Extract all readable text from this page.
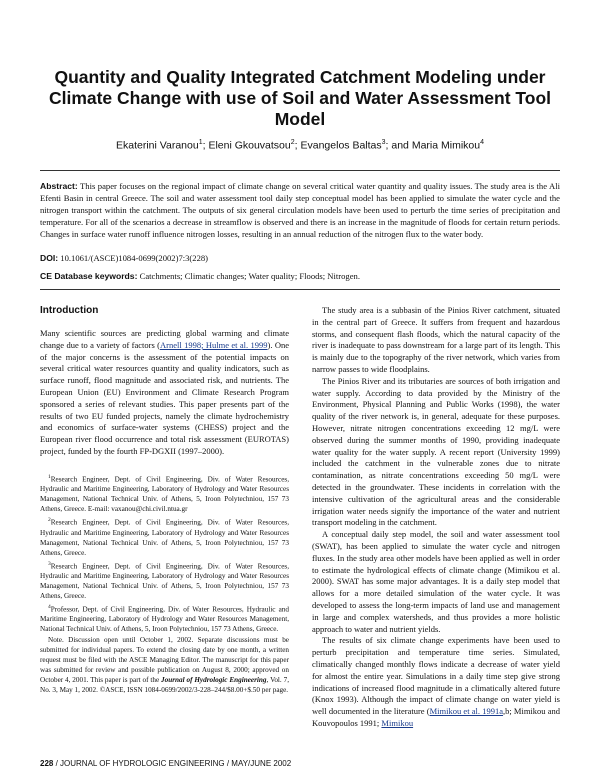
Quantity and Quality Integrated Catchment Modeling under Climate Change with use of Soil and Water Assessment Tool Model
Ekaterini Varanou$^1$; Eleni Gkouvatsou$^2$; Evangelos Baltas$^3$; and Maria Mimikou$^4$
Abstract: This paper focuses on the regional impact of climate change on several critical water quantity and quality issues. The study area is the Ali Efenti Basin in central Greece. The soil and water assessment tool daily step conceptual model has been applied to simulate the water cycle and the nitrogen transport within the catchment. The outputs of six general circulation models have been used to perturb the time series of precipitation and temperature. For all of the scenarios a decrease in streamflow is observed and there is an increase in the magnitude of floods for certain return periods. Changes in surface water runoff influence nitrogen losses, resulting in an annual reduction of the nitrogen flux to the water body.
DOI: 10.1061/(ASCE)1084-0699(2002)7:3(228)
CE Database keywords: Catchments; Climatic changes; Water quality; Floods; Nitrogen.
Introduction

Many scientific sources are predicting global warming and climate change due to a variety of factors (Arnell 1998; Hulme et al. 1999). One of the major concerns is the assessment of the potential impacts on several critical water resources quantity and quality indicators, such as surface runoff, flood magnitude and associated risk, and nutrients. The European Union (EU) Environment and Climate Research Program sponsored a series of relevant studies. This paper presents part of the results of two EU funded projects, namely the climate hydrochemistry and economics of surface-water systems (CHESS) project and the European river flood occurrence and total risk assessment (EUROTAS) project, funded by the fourth FP-DGXII (1997–2000).

$^1$Research Engineer, Dept. of Civil Engineering, Div. of Water Resources, Hydraulic and Maritime Engineering, Laboratory of Hydrology and Water Resources Management, National Technical Univ. of Athens, 5, Iroon Polytechniou, 157 73 Athens, Greece. E-mail: vaxanou@chi.civil.ntua.gr

$^2$Research Engineer, Dept. of Civil Engineering, Div. of Water Resources, Hydraulic and Maritime Engineering, Laboratory of Hydrology and Water Resources Management, National Technical Univ. of Athens, 5, Iroon Polytechniou, 157 73 Athens, Greece.

$^3$Research Engineer, Dept. of Civil Engineering, Div. of Water Resources, Hydraulic and Maritime Engineering, Laboratory of Hydrology and Water Resources Management, National Technical Univ. of Athens, 5, Iroon Polytechniou, 157 73 Athens, Greece.

$^4$Professor, Dept. of Civil Engineering, Div. of Water Resources, Hydraulic and Maritime Engineering, Laboratory of Hydrology and Water Resources Management, National Technical Univ. of Athens, 5, Iroon Polytechniou, 157 73 Athens, Greece.

Note. Discussion open until October 1, 2002. Separate discussions must be submitted for individual papers. To extend the closing date by one month, a written request must be filed with the ASCE Managing Editor. The manuscript for this paper was submitted for review and possible publication on August 8, 2000; approved on October 4, 2001. This paper is part of the Journal of Hydrologic Engineering, Vol. 7, No. 3, May 1, 2002. ©ASCE, ISSN 1084-0699/2002/3-228–244/$8.00+$.50 per page.

The study area is a subbasin of the Pinios River catchment, situated in the central part of Greece. It suffers from frequent and hazardous storms, and consequent flash floods, which the natural capacity of the river is inadequate to pass downstream for a large part of its length. This is mainly due to the topography of the river network, which varies from narrow passes to wide floodplains.

The Pinios River and its tributaries are sources of both irrigation and water supply. According to data provided by the Ministry of the Environment, Physical Planning and Public Works (1998), the water quality of the river network is, in general, adequate for these purposes. However, nitrate nitrogen concentrations exceeding 12 mg/L were observed during the summer months of 1990, providing inadequate water quality for the water supply. A recent report (University 1999) included the catchment in the vulnerable zones due to nitrate contamination, as nitrate concentrations exceeding 50 mg/L were detected in the groundwater. These incidents in correlation with the intensive cultivation of the agricultural areas and the considerable irrigation water needs signify the importance of the water and nutrient transport modeling in the catchment.

A conceptual daily step model, the soil and water assessment tool (SWAT), has been applied to simulate the water cycle and nitrogen fluxes. In the study area other models have been applied as well in order to estimate the hydrological effects of climate change (Mimikou et al. 2000). SWAT has some major advantages. It is a daily step model that allows for a more detailed simulation of the water cycle. It was developed to assess the long-term impacts of land use and management in large and complex watersheds, and thus provides a more holistic approach to water and nutrient yields.

The results of six climate change experiments have been used to perturb precipitation and temperature time series. Simulated, climatically changed monthly flows indicate a decrease of water yield for almost the entire year. Simulations in a daily time step give strong indications of increased flood magnitude in a climatically altered future (Knox 1993). Although the impact of climate change on water yield is well documented in the literature (Mimikou et al. 1991a,b; Mimikou and Kouvopoulos 1991; Mimikou

228 / JOURNAL OF HYDROLOGIC ENGINEERING / MAY/JUNE 2002
